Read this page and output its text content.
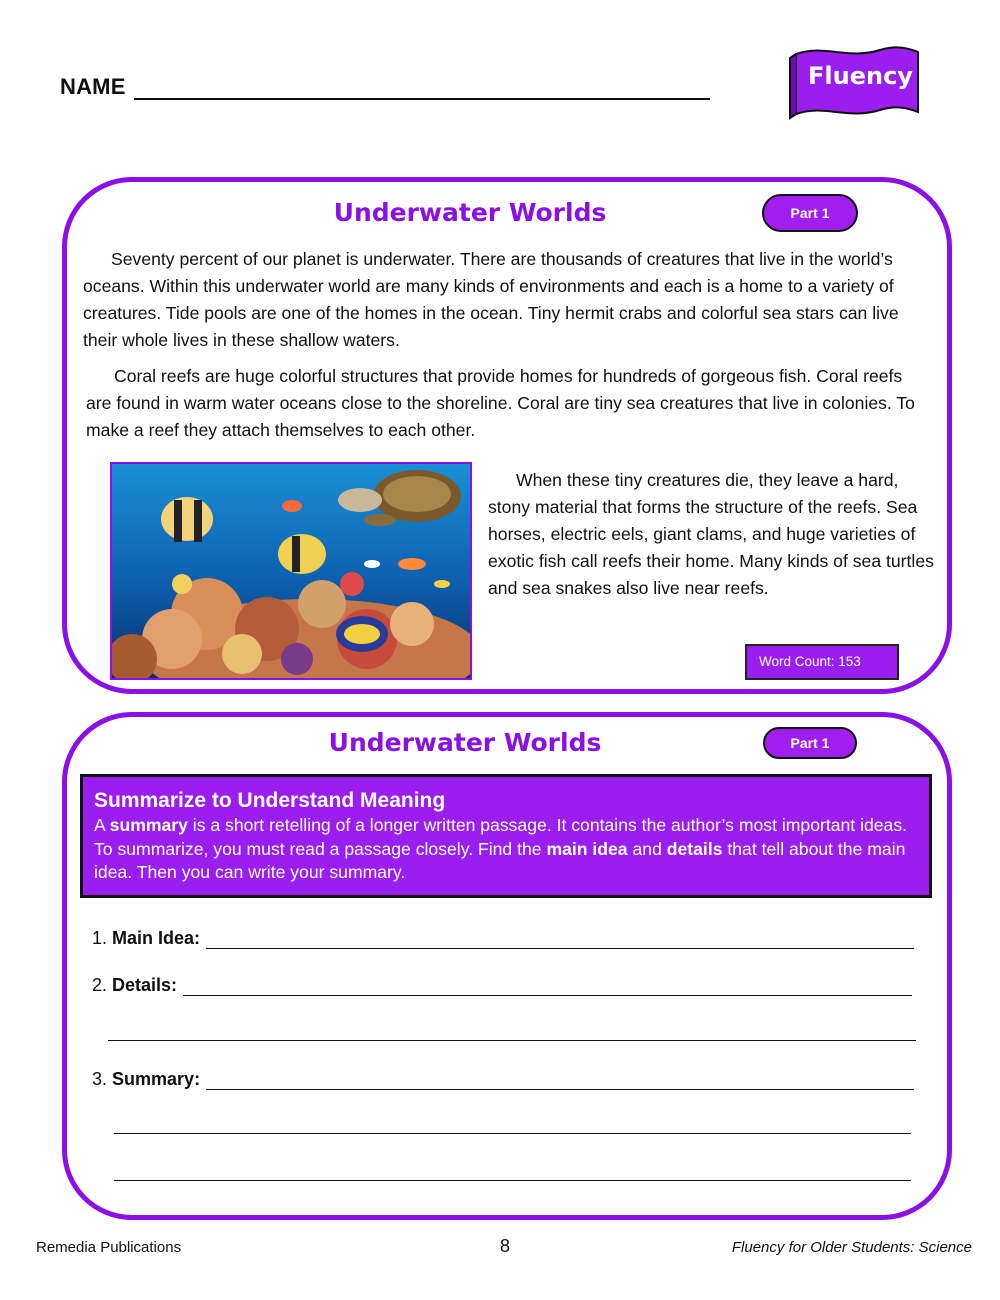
NAME	Fluency
Underwater Worlds	Part 1
Seventy percent of our planet is underwater. There are thousands of creatures that live in the world’s oceans. Within this underwater world are many kinds of environments and each is a home to a variety of creatures. Tide pools are one of the homes in the ocean. Tiny hermit crabs and colorful sea stars can live their whole lives in these shallow waters.
Coral reefs are huge colorful structures that provide homes for hundreds of gorgeous fish. Coral reefs are found in warm water oceans close to the shoreline. Coral are tiny sea creatures that live in colonies. To make a reef they attach themselves to each other.
When these tiny creatures die, they leave a hard, stony material that forms the structure of the reefs. Sea horses, electric eels, giant clams, and huge varieties of exotic fish call reefs their home. Many kinds of sea turtles and sea snakes also live near reefs.
Word Count: 153
Underwater Worlds	Part 1
Summarize to Understand Meaning
A summary is a short retelling of a longer written passage. It contains the author’s most important ideas. To summarize, you must read a passage closely. Find the main idea and details that tell about the main idea. Then you can write your summary.
1.
Main Idea:
2.
Details:
3.
Summary:
Remedia Publications	8	Fluency for Older Students: Science
